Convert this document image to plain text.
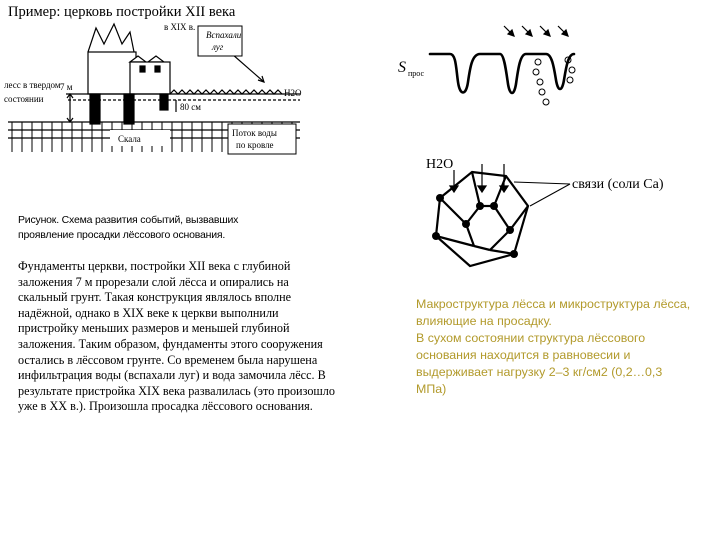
Пример: церковь постройки XII века
в XIX в.
Вспахали
луг
лесс в твердом
состоянии
7 м
H2O
80 см
Скала
Поток воды
по кровле
Рисунок. Схема развития событий, вызвавших проявление просадки лёссового основания.
Фундаменты церкви, постройки XII века с глубиной заложения 7 м прорезали слой лёсса и опирались на скальный грунт. Такая конструкция являлось вполне надёжной, однако в XIX веке к церкви выполнили пристройку меньших размеров и меньшей глубиной заложения. Таким образом, фундаменты этого сооружения остались в лёссовом грунте. Со временем была нарушена инфильтрация воды (вспахали луг) и вода замочила лёсс. В результате пристройка XIX века развалилась (это произошло уже в XX в.). Произошла просадка лёссового основания.
S прос
H2O
связи (соли Ca)

Макроструктура лёсса и микроструктура лёсса, влияющие на просадку.

В сухом состоянии структура лёссового основания находится в равновесии и выдерживает нагрузку 2–3 кг/см2 (0,2…0,3 МПа)
